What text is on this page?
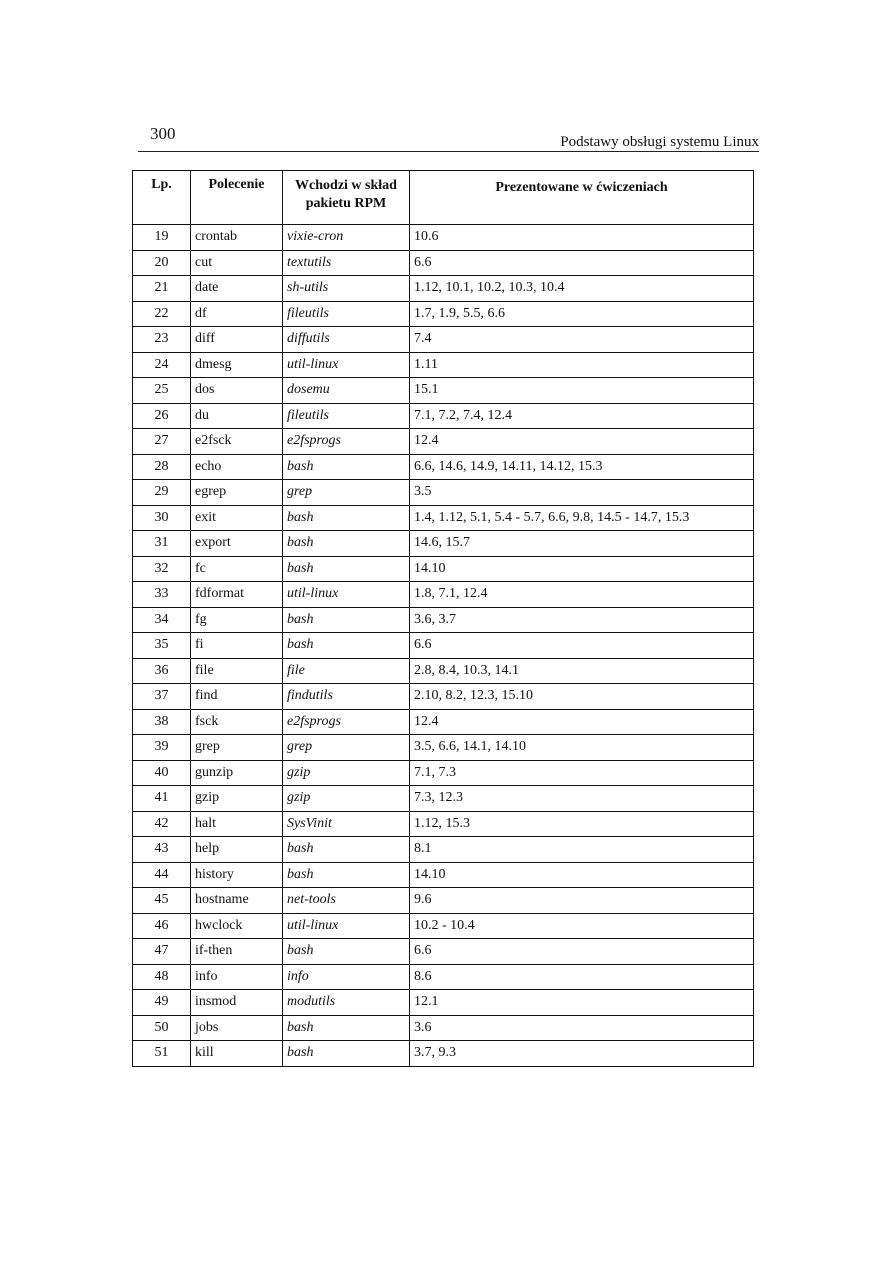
300	Podstawy obsługi systemu Linux
Lp.	Polecenie	Wchodzi w skład pakietu RPM	Prezentowane w ćwiczeniach
19	crontab	vixie-cron	10.6
20	cut	textutils	6.6
21	date	sh-utils	1.12, 10.1, 10.2, 10.3, 10.4
22	df	fileutils	1.7, 1.9, 5.5, 6.6
23	diff	diffutils	7.4
24	dmesg	util-linux	1.11
25	dos	dosemu	15.1
26	du	fileutils	7.1, 7.2, 7.4, 12.4
27	e2fsck	e2fsprogs	12.4
28	echo	bash	6.6, 14.6, 14.9, 14.11, 14.12, 15.3
29	egrep	grep	3.5
30	exit	bash	1.4, 1.12, 5.1, 5.4 - 5.7, 6.6, 9.8, 14.5 - 14.7, 15.3
31	export	bash	14.6, 15.7
32	fc	bash	14.10
33	fdformat	util-linux	1.8, 7.1, 12.4
34	fg	bash	3.6, 3.7
35	fi	bash	6.6
36	file	file	2.8, 8.4, 10.3, 14.1
37	find	findutils	2.10, 8.2, 12.3, 15.10
38	fsck	e2fsprogs	12.4
39	grep	grep	3.5, 6.6, 14.1, 14.10
40	gunzip	gzip	7.1, 7.3
41	gzip	gzip	7.3, 12.3
42	halt	SysVinit	1.12, 15.3
43	help	bash	8.1
44	history	bash	14.10
45	hostname	net-tools	9.6
46	hwclock	util-linux	10.2 - 10.4
47	if-then	bash	6.6
48	info	info	8.6
49	insmod	modutils	12.1
50	jobs	bash	3.6
51	kill	bash	3.7, 9.3
